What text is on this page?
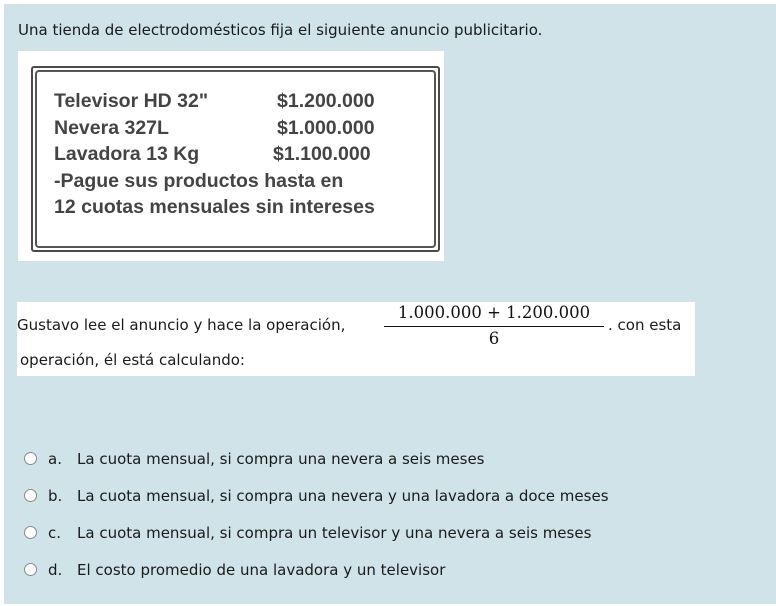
Una tienda de electrodomésticos fija el siguiente anuncio publicitario.
Televisor HD 32"	$1.200.000
Nevera 327L	$1.000.000
Lavadora 13 Kg	$1.100.000
-Pague sus productos hasta en
12 cuotas mensuales sin intereses
Gustavo lee el anuncio y hace la operación,
1.000.000 + 1.200.000
6
. con esta
operación, él está calculando:
a.	La cuota mensual, si compra una nevera a seis meses
b. La cuota mensual, si compra una nevera y una lavadora a doce meses
c.	La cuota mensual, si compra un televisor y una nevera a seis meses
d. El costo promedio de una lavadora y un televisor
